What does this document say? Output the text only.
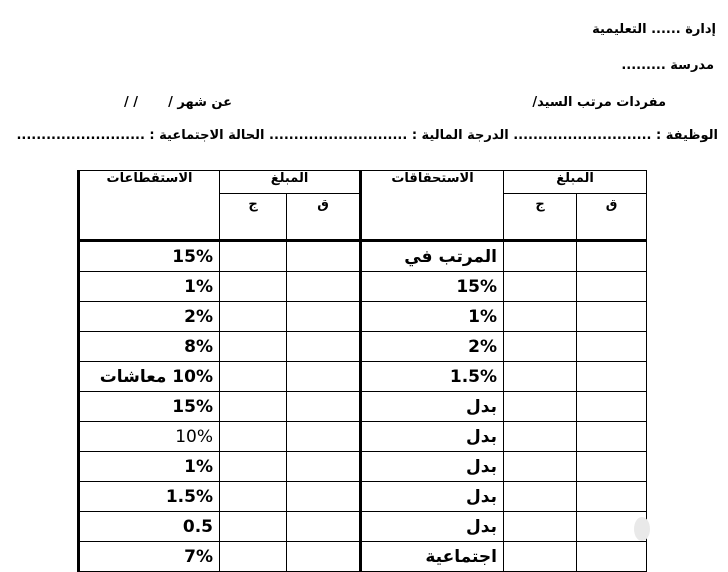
إدارة ...... التعليمية
مدرسة .........
عن شهر /
/ /	مفردات مرتب السيد/
الوظيفة : ............................ الدرجة المالية : ............................ الحالة الاجتماعية : ..........................
الاستقطاعات	المبلغ		الاستحقاقات	المبلغ	
	ج	ق		ج	ق
15%			المرتب في		
1%			15%		
2%			1%		
8%			2%		
10% معاشات			1.5%		
15%			بدل		
10%			بدل		
1%			بدل		
1.5%			بدل		
0.5			بدل		
7%			اجتماعية		
